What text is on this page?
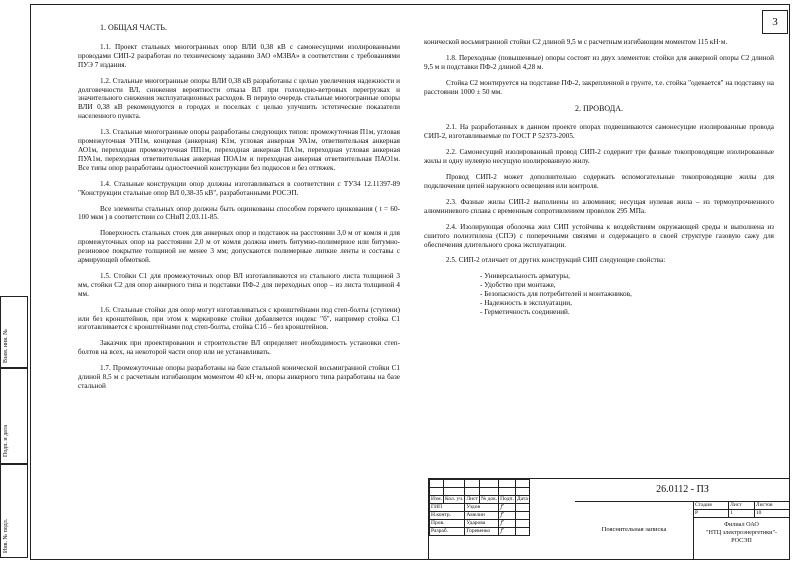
3
1. ОБЩАЯ ЧАСТЬ.

1.1. Проект стальных многогранных опор ВЛИ 0,38 кВ с самонесущими изолированными проводами СИП-2 разработан по техническому заданию ЗАО «МЗВА» в соответствии с требованиями ПУЭ 7 издания.

1.2. Стальные многогранные опоры ВЛИ 0,38 кВ разработаны с целью увеличения надежности и долговечности ВЛ, снижения вероятности отказа ВЛ при гололедно-ветровых перегрузках и значительного снижения эксплуатационных расходов. В первую очередь стальные многогранные опоры ВЛИ 0,38 кВ рекомендуются в городах и поселках с целью улучшить эстетические показатели населенного пункта.

1.3. Стальные многогранные опоры разработаны следующих типов: промежуточная П1м, угловая промежуточная УП1м, концевая (анкерная) К1м, угловая анкерная УА1м, ответвительная анкерная АО1м, переходная промежуточная ПП1м, переходная анкерная ПА1м, переходная угловая анкерная ПУА1м, переходная ответвительная анкерная ПОА1м и переходная анкерная ответвительная ПАО1м. Все типы опор разработаны одностоечной конструкции без подкосов и без оттяжек.

1.4. Стальные конструкции опор должны изготавливаться в соответствии с ТУ34 12.11397-89 "Конструкции стальные опор ВЛ 0,38-35 кВ", разработанными РОСЭП.

Все элементы стальных опор должны быть оцинкованы способом горячего цинкования ( t = 60-100 мкм ) в соответствии со СНиП 2.03.11-85.

Поверхность стальных стоек для анкерных опор и подставок на расстоянии 3,0 м от комля и для промежуточных опор на расстоянии 2,0 м от комля должна иметь битумно-полимерное или битумно-резиновое покрытие толщиной не менее 3 мм; допускаются полимерные липкие ленты и составы с армирующей обмоткой.

1.5. Стойки С1 для промежуточных опор ВЛ изготавливаются из стального листа толщиной 3 мм, стойки С2 для опор анкерного типа и подставки ПФ-2 для переходных опор – из листа толщиной 4 мм.

1.6. Стальные стойки для опор могут изготавливаться с кронштейнами под степ-болты (ступени) или без кронштейнов, при этом к маркировке стойки добавляется индекс "б", например стойка С1 изготавливается с кронштейнами под степ-болты, стойка С1б – без кронштейнов.

Заказчик при проектировании и строительстве ВЛ определяет необходимость установки степ-болтов на всех, на некоторой части опор или не устанавливать.

1.7. Промежуточные опоры разработаны на базе стальной конической восьмигранной стойки С1 длиной 8,5 м с расчетным изгибающим моментом 40 кН·м, опоры анкерного типа разработаны на базе стальной

конической восьмигранной стойки С2 длиной 9,5 м с расчетным изгибающим моментом 115 кН·м.

1.8. Переходные (повышенные) опоры состоят из двух элементов: стойки для анкерной опоры С2 длиной 9,5 м и подставки ПФ-2 длиной 4,28 м.

Стойка С2 монтируется на подставке ПФ-2, закрепленной в грунте, т.е. стойка "одевается" на подставку на расстоянии 1000 ± 50 мм.

2. ПРОВОДА.

2.1. На разработанных в данном проекте опорах подвешиваются самонесущие изолированные провода СИП-2, изготавливаемые по ГОСТ Р 52373-2005.

2.2. Самонесущий изолированный провод СИП-2 содержит три фазные токопроводящие изолированные жилы и одну нулевую несущую изолированную жилу.

Провод СИП-2 может дополнительно содержать вспомогательные токопроводящие жилы для подключения цепей наружного освещения или контроля.

2.3. Фазные жилы СИП-2 выполнены из алюминия; несущая нулевая жила – из термоупрочненного алюминиевого сплава с временным сопротивлением проволок 295 МПа.

2.4. Изолирующая оболочка жил СИП устойчива к воздействиям окружающей среды и выполнена из сшитого полиэтилена (СПЭ) с поперечными связями и содержащего в своей структуре газовую сажу для обеспечения длительного срока эксплуатации.

2.5. СИП-2 отличает от других конструкций СИП следующие свойства:

- Универсальность арматуры,
- Удобство при монтаже,
- Безопасность для потребителей и монтажников,
- Надежность в эксплуатации,
- Герметичность соединений.
Взам. инв. №
Подп. и дата
Инв. № подл.

Изм.	Кол. уч.	Лист	№ док.	Подп.	Дата
ГИП		Уздов		ꝭ	
Н.контр.		Амелин		ꝭ	
Пров.		Ударова		ꝭ	
Разраб.		Горевенко		ꝭ	
26.0112 - ПЗ
Пояснительная записка
Стадия	Лист	Листов
Р	1	10
Филиал ОАО
"НТЦ электроэнергетики"-
РОСЭП
